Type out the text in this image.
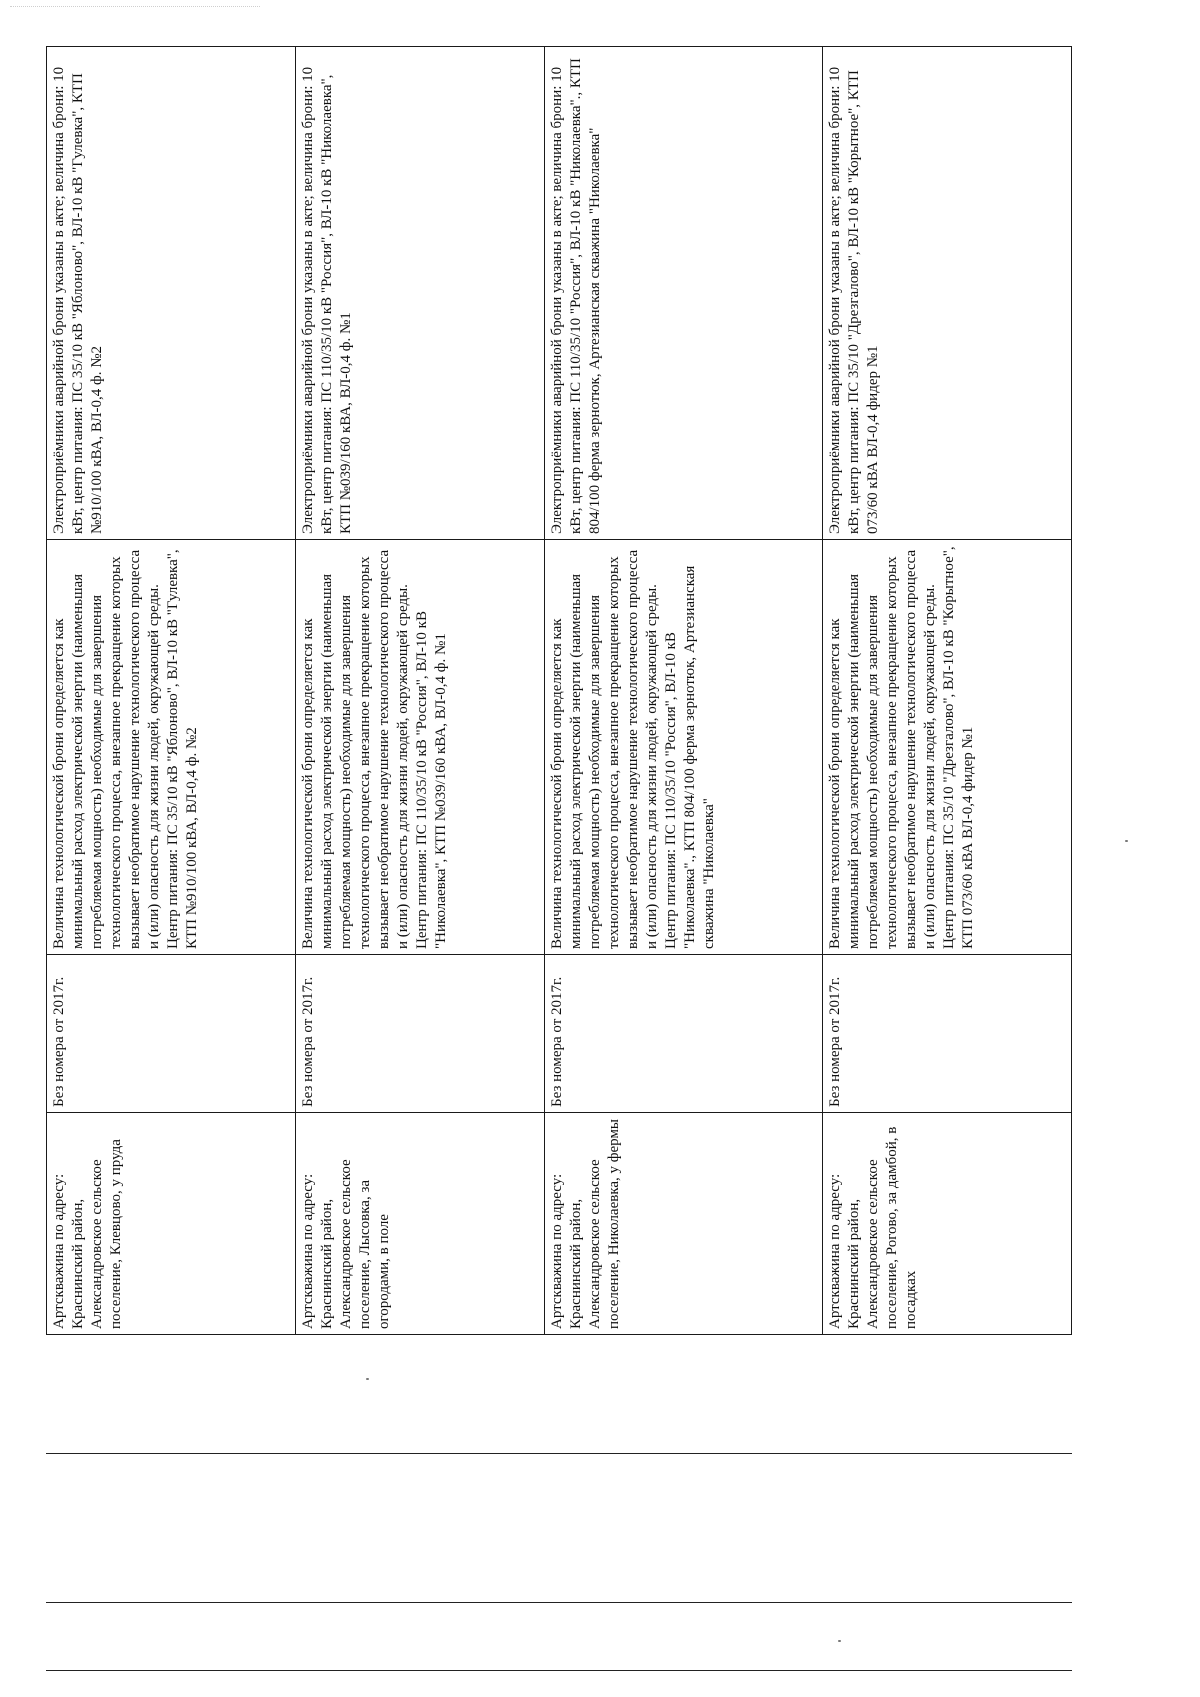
Артскважина по адресу: Краснинский район, Александровское сельское поселение, Клевцово, у пруда	Без номера от 2017г.	Величина технологической брони определяется как минимальный расход электрической энергии (наименьшая потребляемая мощность) необходимые для завершения технологического процесса, внезапное прекращение которых вызывает необратимое нарушение технологического процесса и (или) опасность для жизни людей, окружающей среды. Центр питания: ПС 35/10 кВ "Яблоново", ВЛ-10 кВ "Гулевка", КТП №910/100 кВА, ВЛ-0,4 ф. №2	Электроприёмники аварийной брони указаны в акте; величина брони: 10 кВт, центр питания: ПС 35/10 кВ "Яблоново", ВЛ-10 кВ "Гулевка", КТП №910/100 кВА, ВЛ-0,4 ф. №2
Артскважина по адресу: Краснинский район, Александровское сельское поселение, Лысовка, за огородами, в поле	Без номера от 2017г.	Величина технологической брони определяется как минимальный расход электрической энергии (наименьшая потребляемая мощность) необходимые для завершения технологического процесса, внезапное прекращение которых вызывает необратимое нарушение технологического процесса и (или) опасность для жизни людей, окружающей среды. Центр питания: ПС 110/35/10 кВ "Россия", ВЛ-10 кВ "Николаевка", КТП №039/160 кВА, ВЛ-0,4 ф. №1	Электроприёмники аварийной брони указаны в акте; величина брони: 10 кВт, центр питания: ПС 110/35/10 кВ "Россия", ВЛ-10 кВ "Николаевка", КТП №039/160 кВА, ВЛ-0,4 ф. №1
Артскважина по адресу: Краснинский район, Александровское сельское поселение, Николаевка, у фермы	Без номера от 2017г.	Величина технологической брони определяется как минимальный расход электрической энергии (наименьшая потребляемая мощность) необходимые для завершения технологического процесса, внезапное прекращение которых вызывает необратимое нарушение технологического процесса и (или) опасность для жизни людей, окружающей среды. Центр питания: ПС 110/35/10 "Россия", ВЛ-10 кВ "Николаевка"., КТП 804/100 ферма зернотюк, Артезианская скважина "Николаевка"	Электроприёмники аварийной брони указаны в акте; величина брони: 10 кВт, центр питания: ПС 110/35/10 "Россия", ВЛ-10 кВ "Николаевка"., КТП 804/100 ферма зернотюк, Артезианская скважина "Николаевка"
Артскважина по адресу: Краснинский район, Александровское сельское поселение, Рогово, за дамбой, в посадках	Без номера от 2017г.	Величина технологической брони определяется как минимальный расход электрической энергии (наименьшая потребляемая мощность) необходимые для завершения технологического процесса, внезапное прекращение которых вызывает необратимое нарушение технологического процесса и (или) опасность для жизни людей, окружающей среды. Центр питания: ПС 35/10 "Дрезгалово", ВЛ-10 кВ "Корытное", КТП 073/60 кВА ВЛ-0,4 фидер №1	Электроприёмники аварийной брони указаны в акте; величина брони: 10 кВт, центр питания: ПС 35/10 "Дрезгалово", ВЛ-10 кВ "Корытное", КТП 073/60 кВА ВЛ-0,4 фидер №1
